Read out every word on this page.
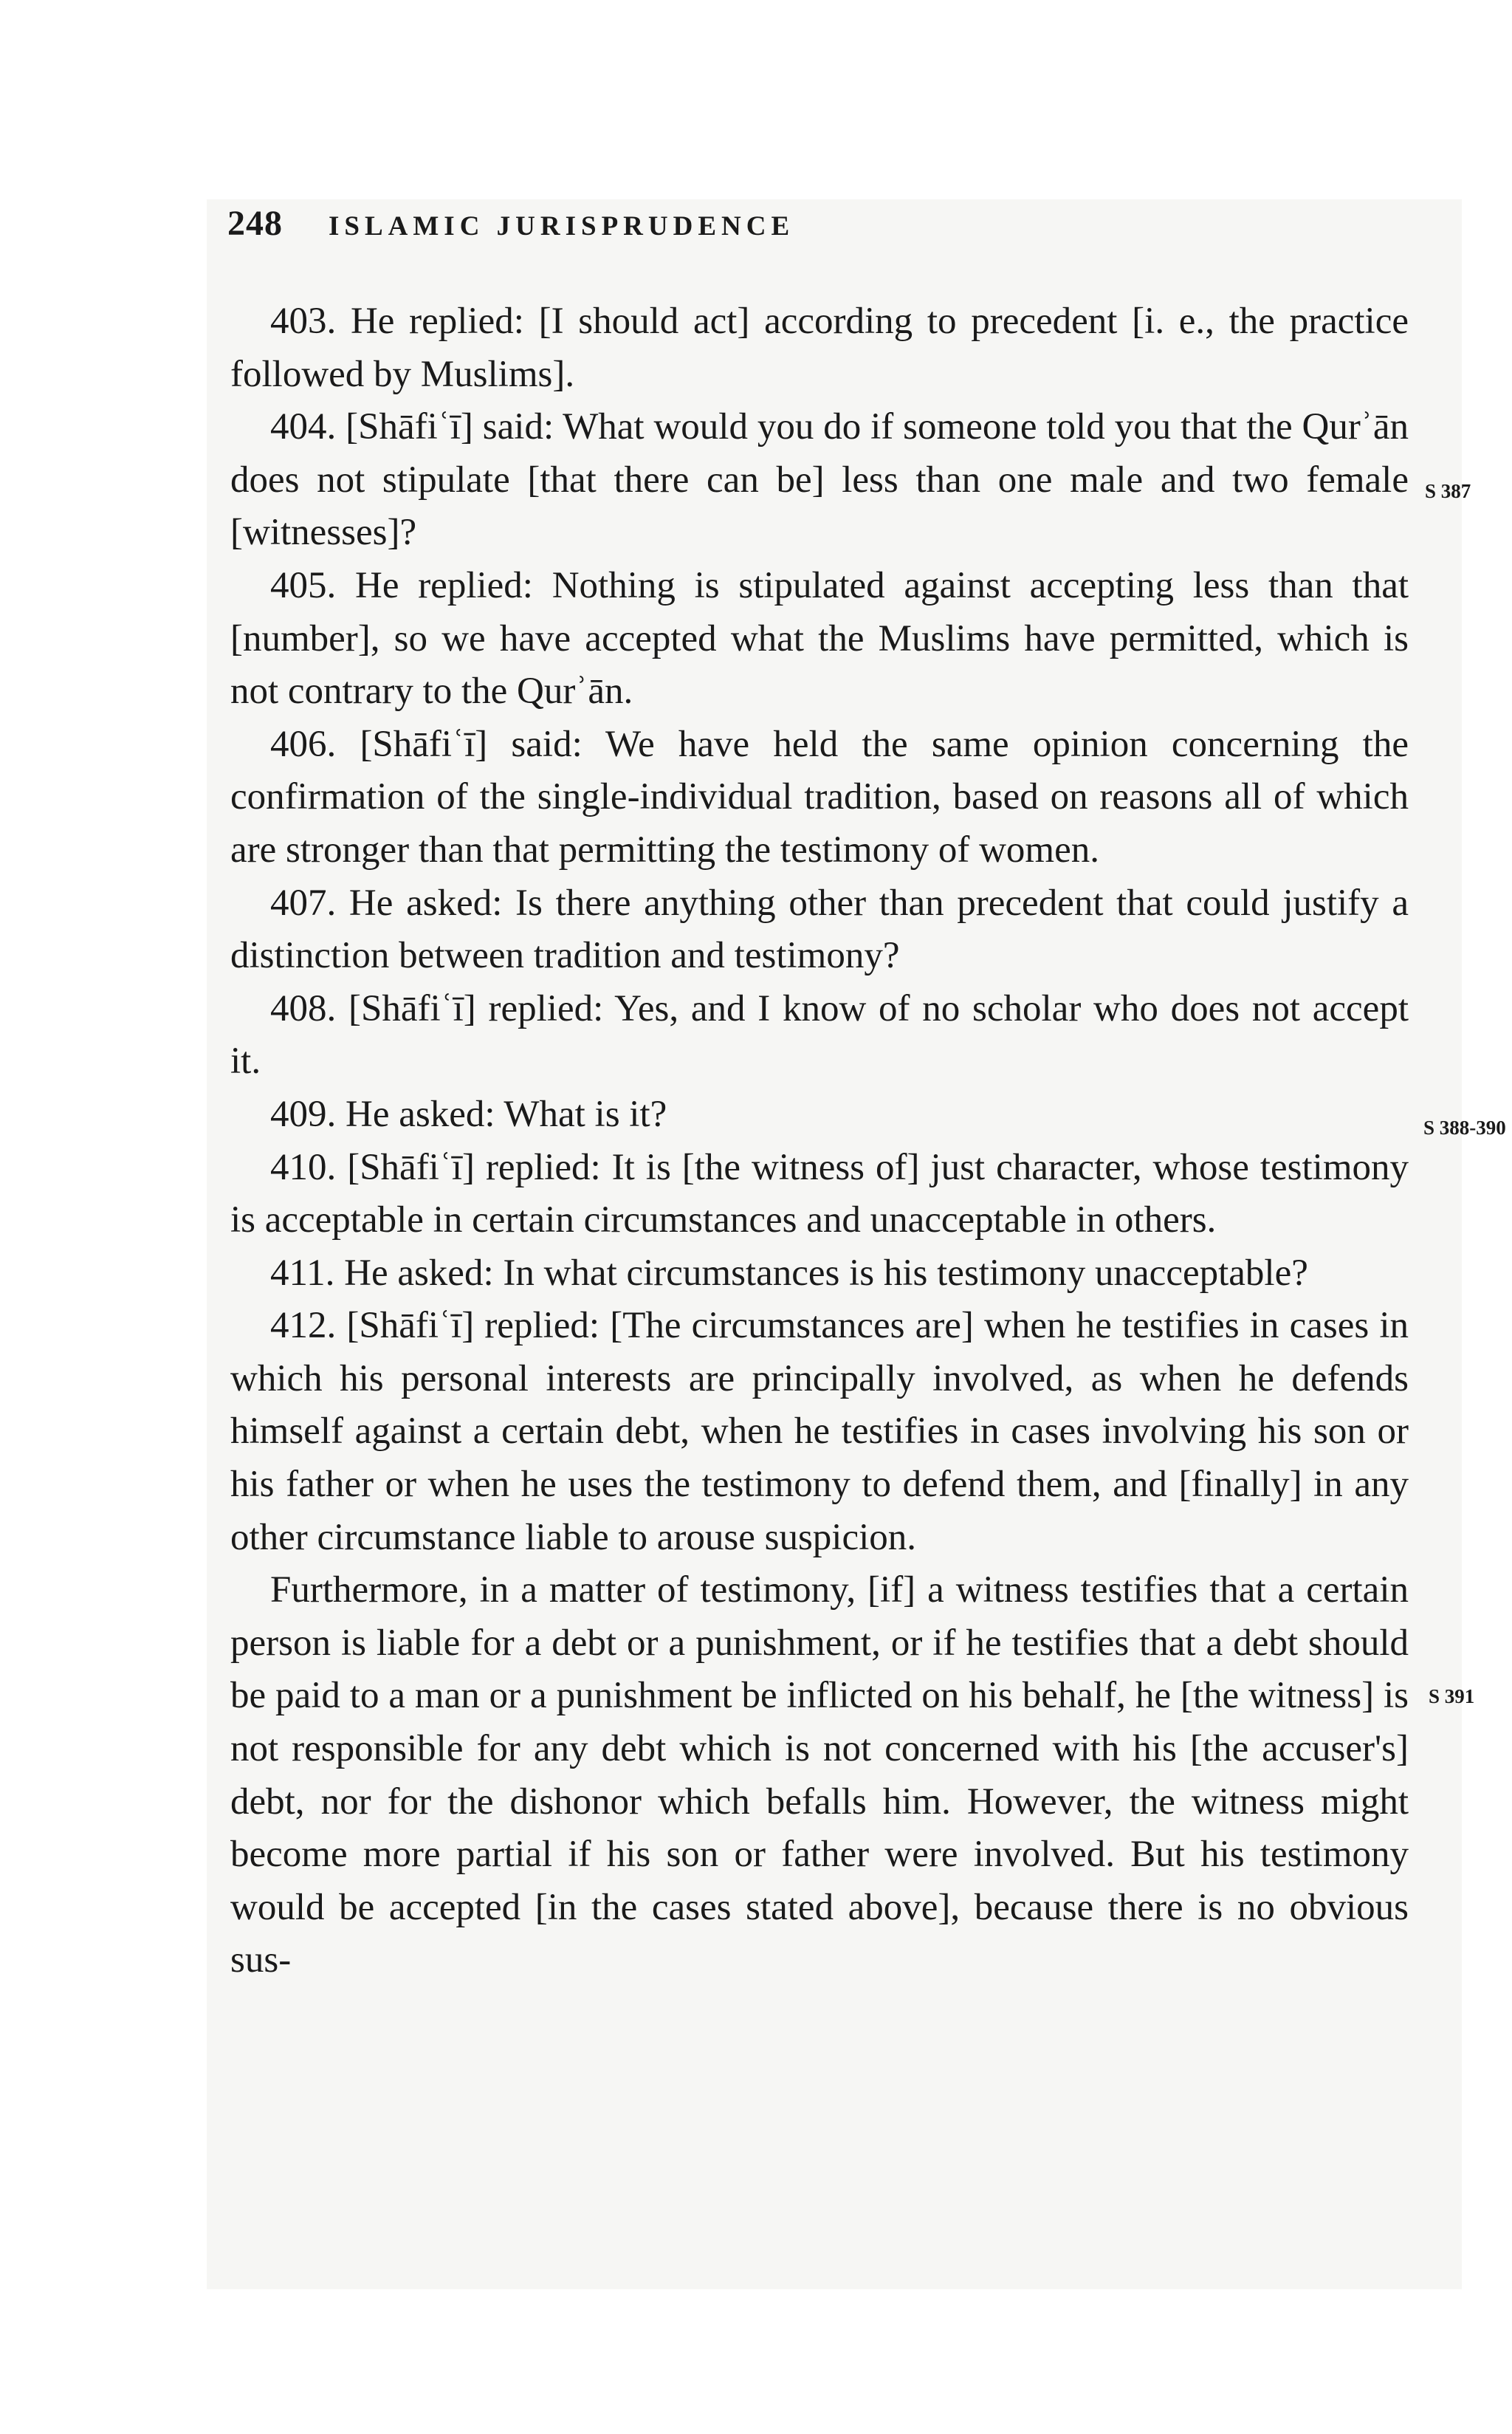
248 ISLAMIC JURISPRUDENCE

403. He replied: [I should act] according to precedent [i. e., the practice followed by Muslims].

404. [Shāfiʿī] said: What would you do if someone told you that the Qurʾān does not stipulate [that there can be] less than one male and two female [witnesses]?

405. He replied: Nothing is stipulated against accepting less than that [number], so we have accepted what the Muslims have permitted, which is not contrary to the Qurʾān.

406. [Shāfiʿī] said: We have held the same opinion concerning the confirmation of the single-individual tradition, based on reasons all of which are stronger than that permitting the testimony of women.

407. He asked: Is there anything other than precedent that could justify a distinction between tradition and testimony?

408. [Shāfiʿī] replied: Yes, and I know of no scholar who does not accept it.

409. He asked: What is it?

410. [Shāfiʿī] replied: It is [the witness of] just character, whose testimony is acceptable in certain circumstances and unacceptable in others.

411. He asked: In what circumstances is his testimony unacceptable?

412. [Shāfiʿī] replied: [The circumstances are] when he testifies in cases in which his personal interests are principally involved, as when he defends himself against a certain debt, when he testifies in cases involving his son or his father or when he uses the testimony to defend them, and [finally] in any other circumstance liable to arouse suspicion.

Furthermore, in a matter of testimony, [if] a witness testifies that a certain person is liable for a debt or a punishment, or if he testifies that a debt should be paid to a man or a punishment be inflicted on his behalf, he [the witness] is not responsible for any debt which is not concerned with his [the accuser's] debt, nor for the dishonor which befalls him. However, the witness might become more partial if his son or father were involved. But his testimony would be accepted [in the cases stated above], because there is no obvious sus-

S 387
S 388-390
S 391
